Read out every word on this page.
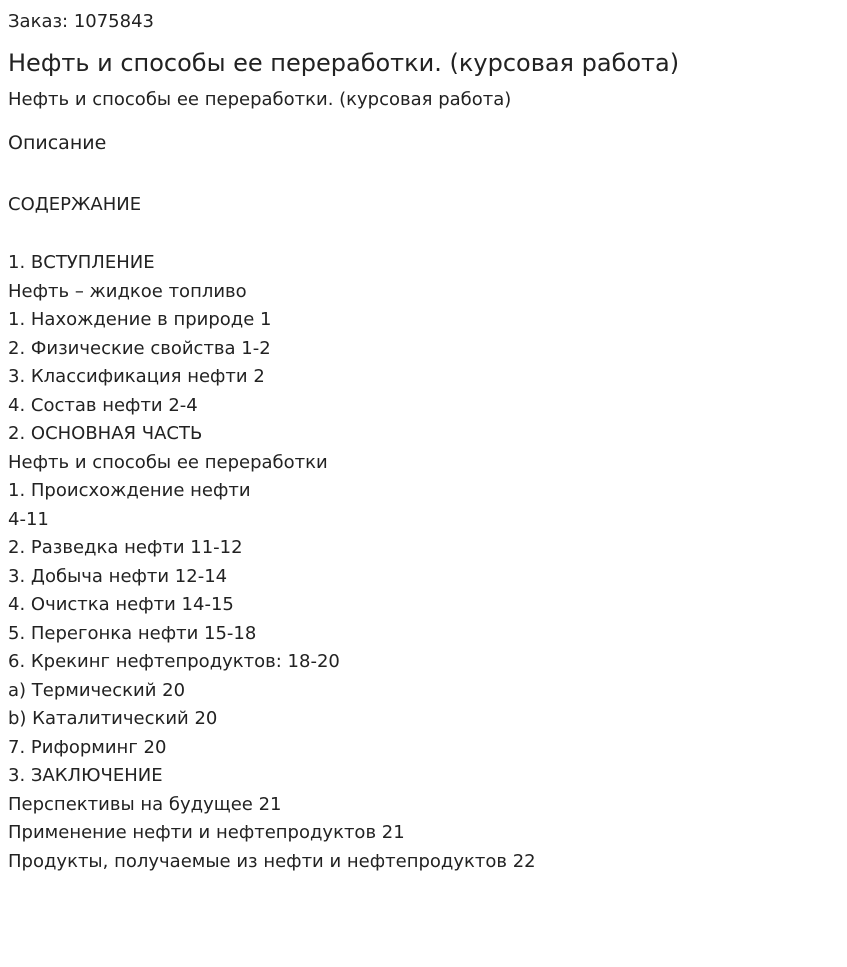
Заказ: 1075843
Нефть и способы ее переработки. (курсовая работа)
Нефть и способы ее переработки. (курсовая работа)
Описание
СОДЕРЖАНИЕ
1. ВСТУПЛЕНИЕ
Нефть – жидкое топливо
1. Нахождение в природе 1
2. Физические свойства 1-2
3. Классификация нефти 2
4. Состав нефти 2-4
2. ОСНОВНАЯ ЧАСТЬ
Нефть и способы ее переработки
1. Происхождение нефти
4-11
2. Разведка нефти 11-12
3. Добыча нефти 12-14
4. Очистка нефти 14-15
5. Перегонка нефти 15-18
6. Крекинг нефтепродуктов: 18-20
a) Термический 20
b) Каталитический 20
7. Риформинг 20
3. ЗАКЛЮЧЕНИЕ
Перспективы на будущее 21
Применение нефти и нефтепродуктов 21
Продукты, получаемые из нефти и нефтепродуктов 22
